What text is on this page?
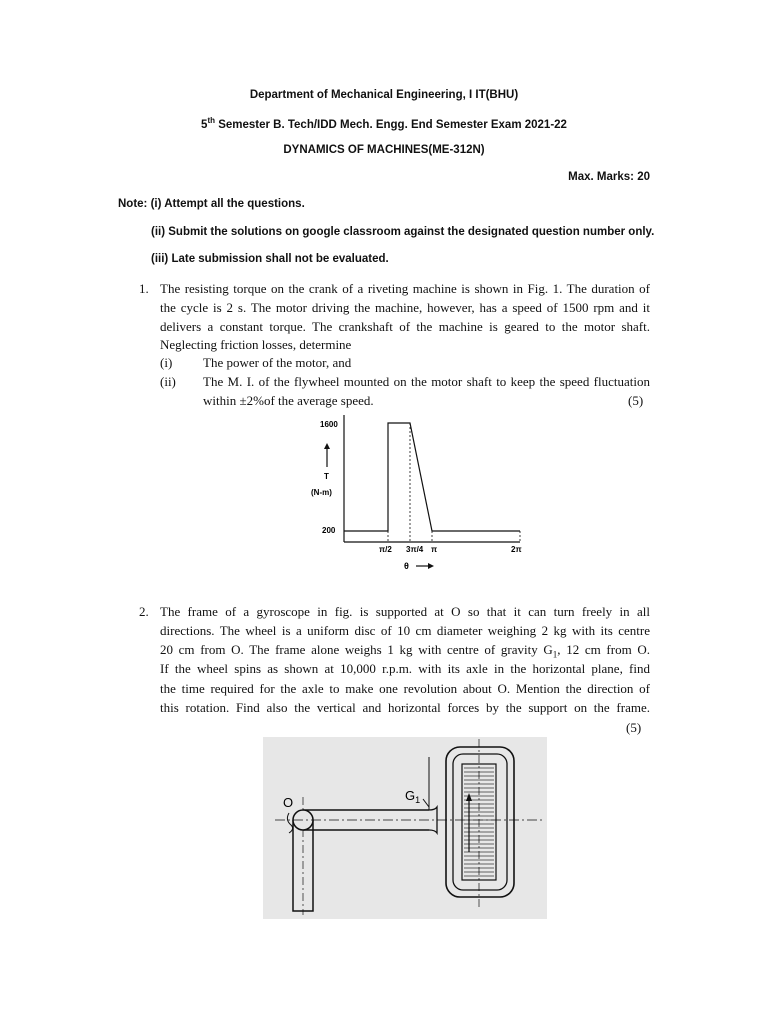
Department of Mechanical Engineering, I IT(BHU)
5th Semester B. Tech/IDD Mech. Engg. End Semester Exam 2021-22
DYNAMICS OF MACHINES(ME-312N)
Max. Marks: 20
Note: (i) Attempt all the questions.
(ii) Submit the solutions on google classroom against the designated question number only.
(iii) Late submission shall not be evaluated.
1. The resisting torque on the crank of a riveting machine is shown in Fig. 1. The duration of
the cycle is 2 s. The motor driving the machine, however, has a speed of 1500 rpm and it
delivers a constant torque. The crankshaft of the machine is geared to the motor shaft.
Neglecting friction losses, determine
(i) The power of the motor, and
(ii) The M. I. of the flywheel mounted on the motor shaft to keep the speed fluctuation
within ±2%of the average speed.	(5)
1600
200
T
(N-m)
π/2 3π/4 π	2π
θ
2. The frame of a gyroscope in fig. is supported at O so that it can turn freely in all
directions. The wheel is a uniform disc of 10 cm diameter weighing 2 kg with its centre
20 cm from O. The frame alone weighs 1 kg with centre of gravity $G_1$, 12 cm from O.
If the wheel spins as shown at 10,000 r.p.m. with its axle in the horizontal plane, find
the time required for the axle to make one revolution about O. Mention the direction of
this rotation. Find also the vertical and horizontal forces by the support on the frame.
(5)
O	$G_1$
